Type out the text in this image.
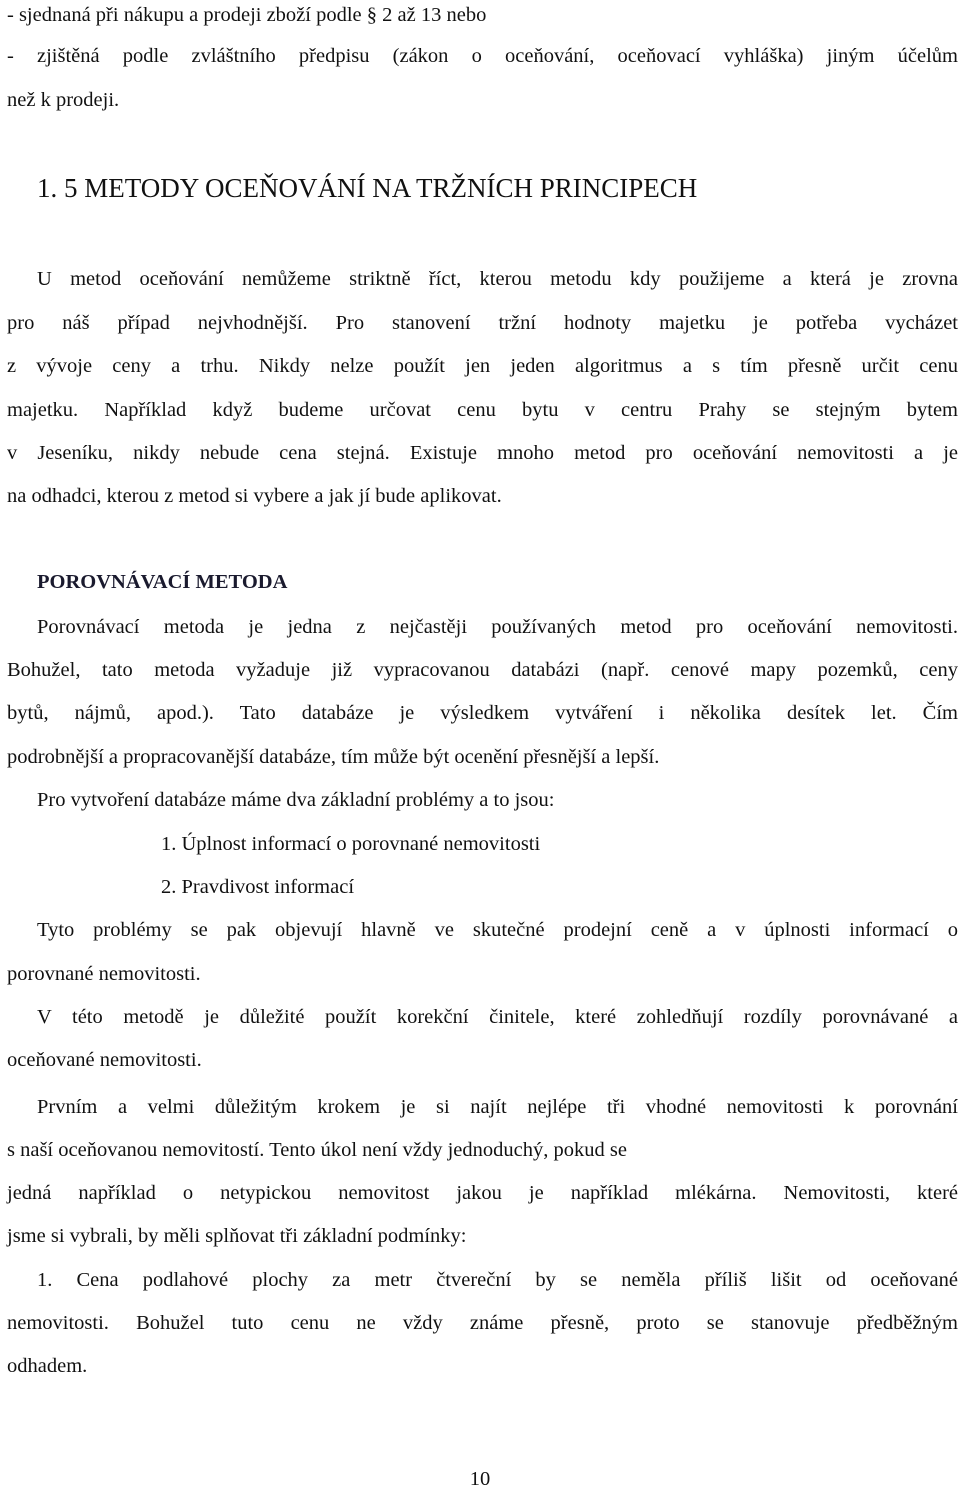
- sjednaná při nákupu a prodeji zboží podle § 2 až 13 nebo

- zjištěná podle zvláštního předpisu (zákon o oceňování, oceňovací vyhláška) jiným účelům

než k prodeji.

1. 5 METODY OCEŇOVÁNÍ NA TRŽNÍCH PRINCIPECH

U metod oceňování nemůžeme striktně říct, kterou metodu kdy použijeme a která je zrovna

pro náš případ nejvhodnější. Pro stanovení tržní hodnoty majetku je potřeba vycházet

z vývoje ceny a trhu. Nikdy nelze použít jen jeden algoritmus a s tím přesně určit cenu

majetku. Například když budeme určovat cenu bytu v centru Prahy se stejným bytem

v Jeseníku, nikdy nebude cena stejná. Existuje mnoho metod pro oceňování nemovitosti a je

na odhadci, kterou z metod si vybere a jak jí bude aplikovat.

POROVNÁVACÍ METODA

Porovnávací metoda je jedna z nejčastěji používaných metod pro oceňování nemovitosti.

Bohužel, tato metoda vyžaduje již vypracovanou databázi (např. cenové mapy pozemků, ceny

bytů, nájmů, apod.). Tato databáze je výsledkem vytváření i několika desítek let. Čím

podrobnější a propracovanější databáze, tím může být ocenění přesnější a lepší.

Pro vytvoření databáze máme dva základní problémy a to jsou:

1. Úplnost informací o porovnané nemovitosti

2. Pravdivost informací

Tyto problémy se pak objevují hlavně ve skutečné prodejní ceně a v úplnosti informací o

porovnané nemovitosti.

V této metodě je důležité použít korekční činitele, které zohledňují rozdíly porovnávané a

oceňované nemovitosti.

Prvním a velmi důležitým krokem je si najít nejlépe tři vhodné nemovitosti k porovnání

s naší oceňovanou nemovitostí. Tento úkol není vždy jednoduchý, pokud se

jedná například o netypickou nemovitost jakou je například mlékárna. Nemovitosti, které

jsme si vybrali, by měli splňovat tři základní podmínky:

1. Cena podlahové plochy za metr čtvereční by se neměla příliš lišit od oceňované

nemovitosti. Bohužel tuto cenu ne vždy známe přesně, proto se stanovuje předběžným

odhadem.

10
